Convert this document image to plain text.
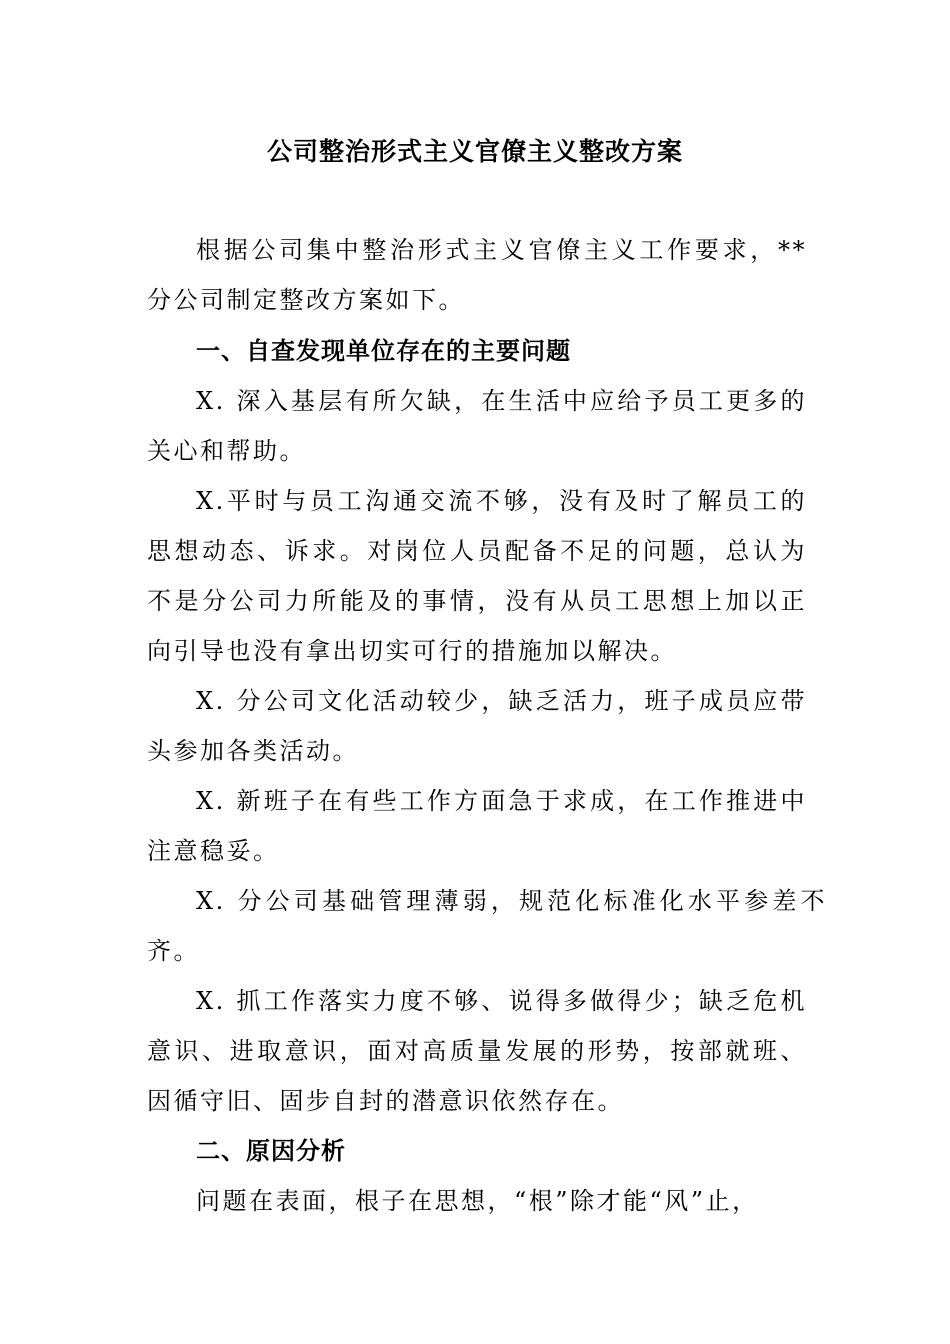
公司整治形式主义官僚主义整改方案
根据公司集中整治形式主义官僚主义工作要求，**分公司制定整改方案如下。
一、自查发现单位存在的主要问题
X. 深入基层有所欠缺，在生活中应给予员工更多的关心和帮助。
X.平时与员工沟通交流不够，没有及时了解员工的思想动态、诉求。对岗位人员配备不足的问题，总认为不是分公司力所能及的事情，没有从员工思想上加以正向引导也没有拿出切实可行的措施加以解决。
X. 分公司文化活动较少，缺乏活力，班子成员应带头参加各类活动。
X. 新班子在有些工作方面急于求成，在工作推进中注意稳妥。
X. 分公司基础管理薄弱，规范化标准化水平参差不齐。
X. 抓工作落实力度不够、说得多做得少；缺乏危机意识、进取意识，面对高质量发展的形势，按部就班、因循守旧、固步自封的潜意识依然存在。
二、原因分析
问题在表面，根子在思想，“根”除才能“风”止，
